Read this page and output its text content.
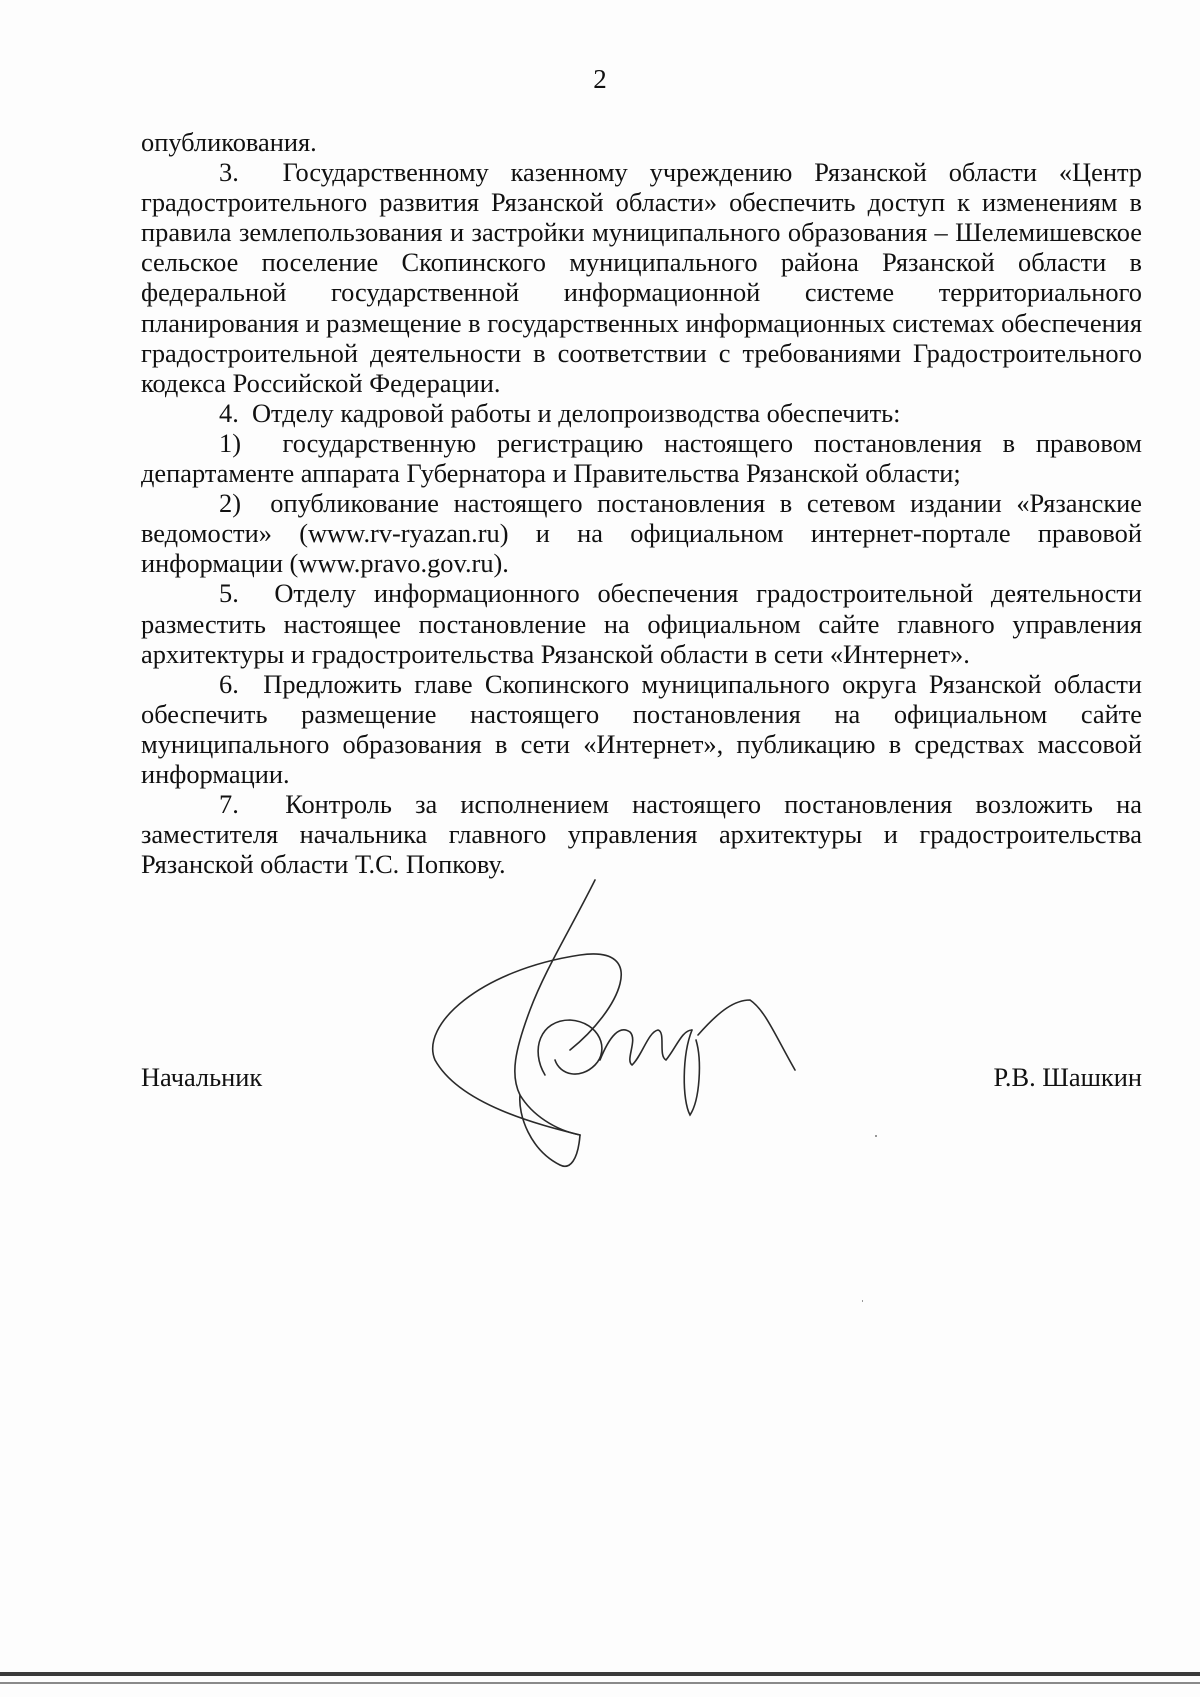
2

опубликования.

3.  Государственному казенному учреждению Рязанской области «Центр градостроительного развития Рязанской области» обеспечить доступ к изменениям в правила землепользования и застройки муниципального образования – Шелемишевское сельское поселение Скопинского муниципального района Рязанской области в федеральной государственной информационной системе территориального планирования и размещение в государственных информационных системах обеспечения градостроительной деятельности в соответствии с требованиями Градостроительного кодекса Российской Федерации.

4.  Отделу кадровой работы и делопроизводства обеспечить:

1)  государственную регистрацию настоящего постановления в правовом департаменте аппарата Губернатора и Правительства Рязанской области;

2)  опубликование настоящего постановления в сетевом издании «Рязанские ведомости» (www.rv-ryazan.ru) и на официальном интернет-портале правовой информации (www.pravo.gov.ru).

5.  Отделу информационного обеспечения градостроительной деятельности разместить настоящее постановление на официальном сайте главного управления архитектуры и градостроительства Рязанской области в сети «Интернет».

6.  Предложить главе Скопинского муниципального округа Рязанской области обеспечить размещение настоящего постановления на официальном сайте муниципального образования в сети «Интернет», публикацию в средствах массовой информации.

7.  Контроль за исполнением настоящего постановления возложить на заместителя начальника главного управления архитектуры и градостроительства Рязанской области Т.С. Попкову.

Начальник	Р.В. Шашкин
